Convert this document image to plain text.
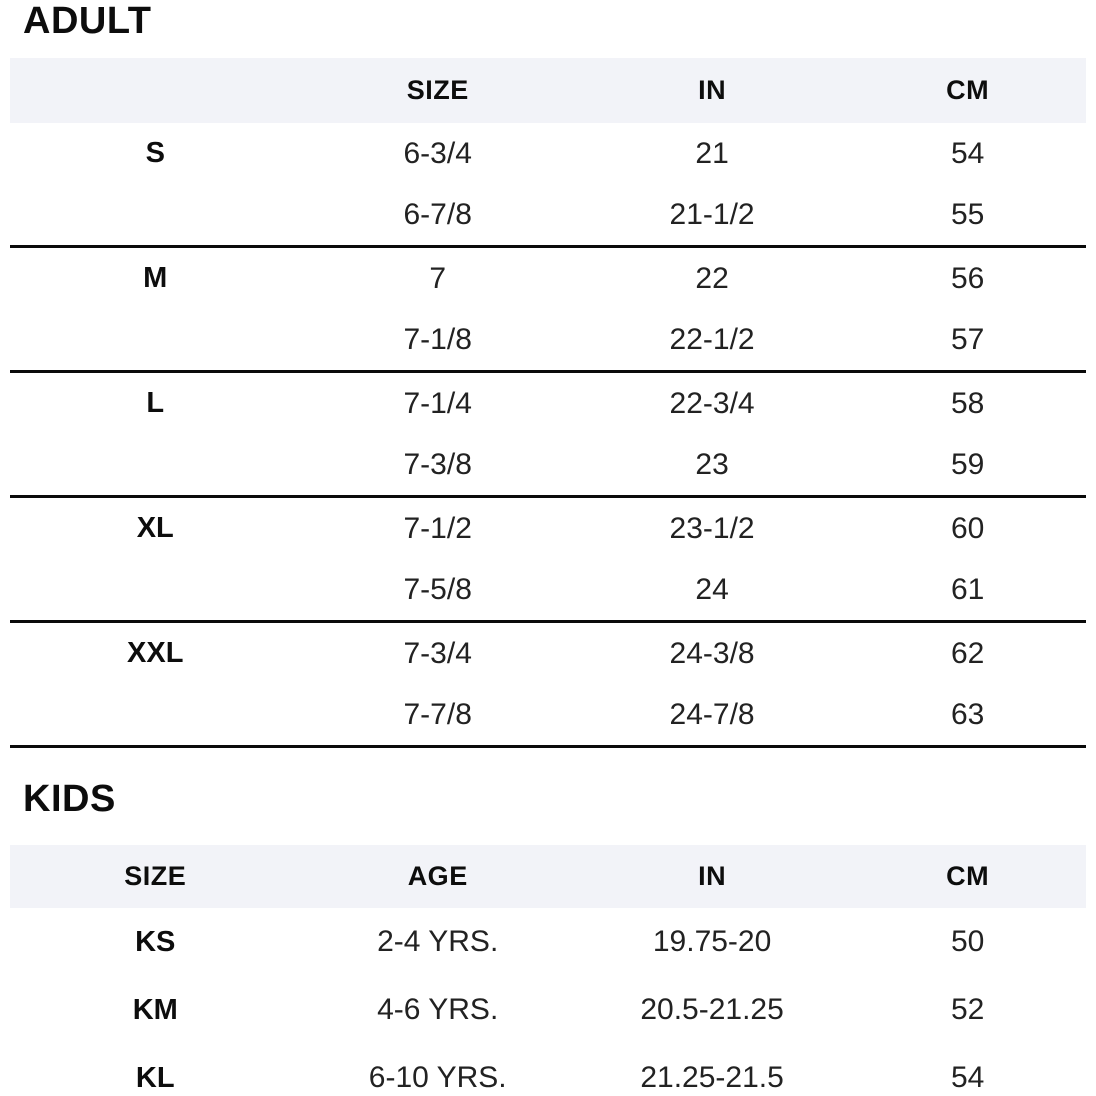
ADULT
	SIZE	IN	CM
S	6-3/4	21	54
	6-7/8	21-1/2	55
M	7	22	56
	7-1/8	22-1/2	57
L	7-1/4	22-3/4	58
	7-3/8	23	59
XL	7-1/2	23-1/2	60
	7-5/8	24	61
XXL	7-3/4	24-3/8	62
	7-7/8	24-7/8	63
KIDS
SIZE	AGE	IN	CM
KS	2-4 YRS.	19.75-20	50
KM	4-6 YRS.	20.5-21.25	52
KL	6-10 YRS.	21.25-21.5	54
